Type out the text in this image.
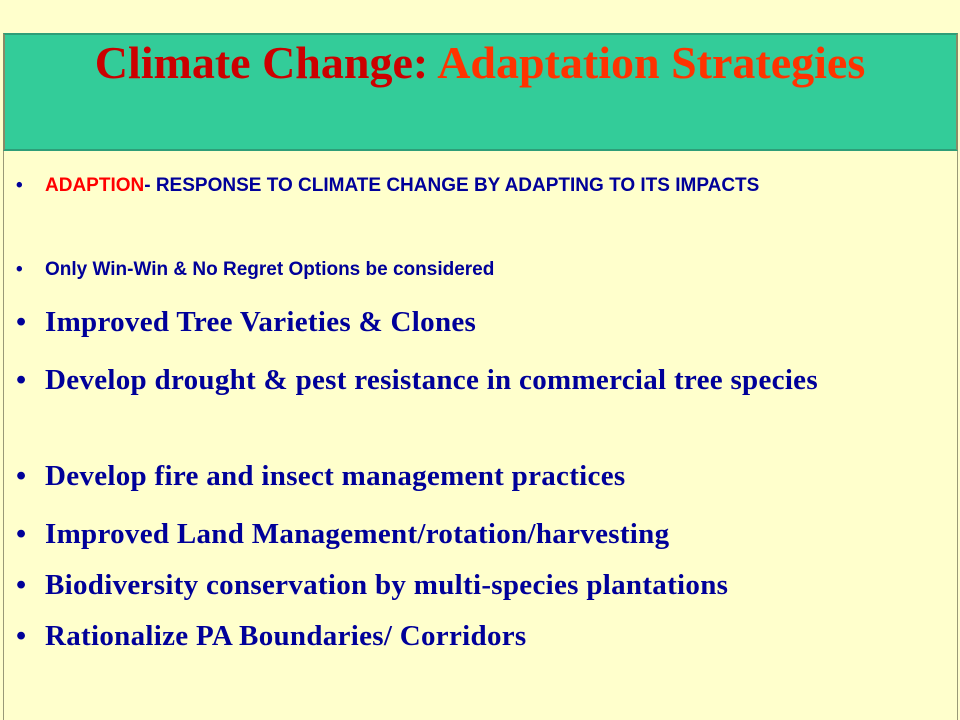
Climate Change: Adaptation Strategies
• ADAPTION- RESPONSE TO CLIMATE CHANGE BY ADAPTING TO ITS IMPACTS
• Only Win-Win & No Regret Options be considered
• Improved Tree Varieties & Clones
• Develop drought & pest resistance in commercial tree species
• Develop fire and insect management practices
• Improved Land Management/rotation/harvesting
• Biodiversity conservation by multi-species plantations
• Rationalize PA Boundaries/ Corridors
